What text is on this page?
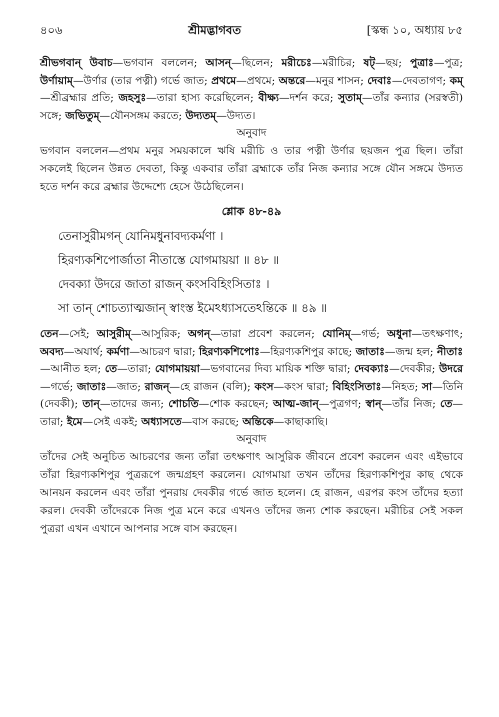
৪০৬	শ্রীমদ্ভাগবত	[স্কন্ধ ১০, অধ্যায় ৮৫

শ্রীভগবান্ উবাচ—ভগবান বললেন; আসন্—ছিলেন; মরীচেঃ—মরীচির; ষট্—ছয়; পুত্রাঃ—পুত্র; উর্ণায়াম্—উর্ণার (তার পত্নী) গর্ভে জাত; প্রথমে—প্রথমে; অন্তরে—মনুর শাসন; দেবাঃ—দেবতাগণ; কম্—শ্রীব্রহ্মার প্রতি; জহসুঃ—তারা হাস্য করেছিলেন; বীক্ষ্য—দর্শন করে; সুতাম্—তাঁর কন্যার (সরস্বতী) সঙ্গে; জভিতুম্—যৌনসঙ্গম করতে; উদ্যতম্—উদ্যত।

অনুবাদ

ভগবান বললেন—প্রথম মনুর সময়কালে ঋষি মরীচি ও তার পত্নী উর্ণার ছয়জন পুত্র ছিল। তাঁরা সকলেই ছিলেন উন্নত দেবতা, কিন্তু একবার তাঁরা ব্রহ্মাকে তাঁর নিজ কন্যার সঙ্গে যৌন সঙ্গমে উদ্যত হতে দর্শন করে ব্রহ্মার উদ্দেশ্যে হেসে উঠেছিলেন।

শ্লোক ৪৮-৪৯
তেনাসুরীমগন্ যোনিমধুনাবদ্যকর্মণা ।
হিরণ্যকশিপোর্জাতা নীতাস্তে যোগমায়য়া ॥ ৪৮ ॥
দেবক্যা উদরে জাতা রাজন্ কংসবিহিংসিতাঃ ।
সা তান্ শোচত্যাত্মজান্ স্বাংস্ত ইমেঽধ্যাসতেঽন্তিকে ॥ ৪৯ ॥

তেন—সেই; আসুরীম্—আসুরিক; অগন্—তারা প্রবেশ করলেন; যোনিম্—গর্ভ; অধুনা—তৎক্ষণাৎ; অবদ্য—অযার্থ; কর্মণা—আচরণ দ্বারা; হিরণ্যকশিপোঃ—হিরণ্যকশিপুর কাছে; জাতাঃ—জন্ম হল; নীতাঃ—আনীত হল; তে—তারা; যোগমায়য়া—ভগবানের দিব্য মায়িক শক্তি দ্বারা; দেবক্যাঃ—দেবকীর; উদরে—গর্ভে; জাতাঃ—জাত; রাজন্—হে রাজন (বলি); কংস—কংস দ্বারা; বিহিংসিতাঃ—নিহত; সা—তিনি (দেবকী); তান্—তাদের জন্য; শোচতি—শোক করছেন; আত্ম-জান্—পুত্রগণ; স্বান্—তাঁর নিজ; তে—তারা; ইমে—সেই একই; অধ্যাসতে—বাস করছে; অন্তিকে—কাছাকাছি।

অনুবাদ

তাঁদের সেই অনুচিত আচরণের জন্য তাঁরা তৎক্ষণাৎ আসুরিক জীবনে প্রবেশ করলেন এবং এইভাবে তাঁরা হিরণ্যকশিপুর পুত্ররূপে জন্মগ্রহণ করলেন। যোগমায়া তখন তাঁদের হিরণ্যকশিপুর কাছ থেকে আনয়ন করলেন এবং তাঁরা পুনরায় দেবকীর গর্ভে জাত হলেন। হে রাজন, এরপর কংস তাঁদের হত্যা করল। দেবকী তাঁদেরকে নিজ পুত্র মনে করে এখনও তাঁদের জন্য শোক করছেন। মরীচির সেই সকল পুত্ররা এখন এখানে আপনার সঙ্গে বাস করছেন।
